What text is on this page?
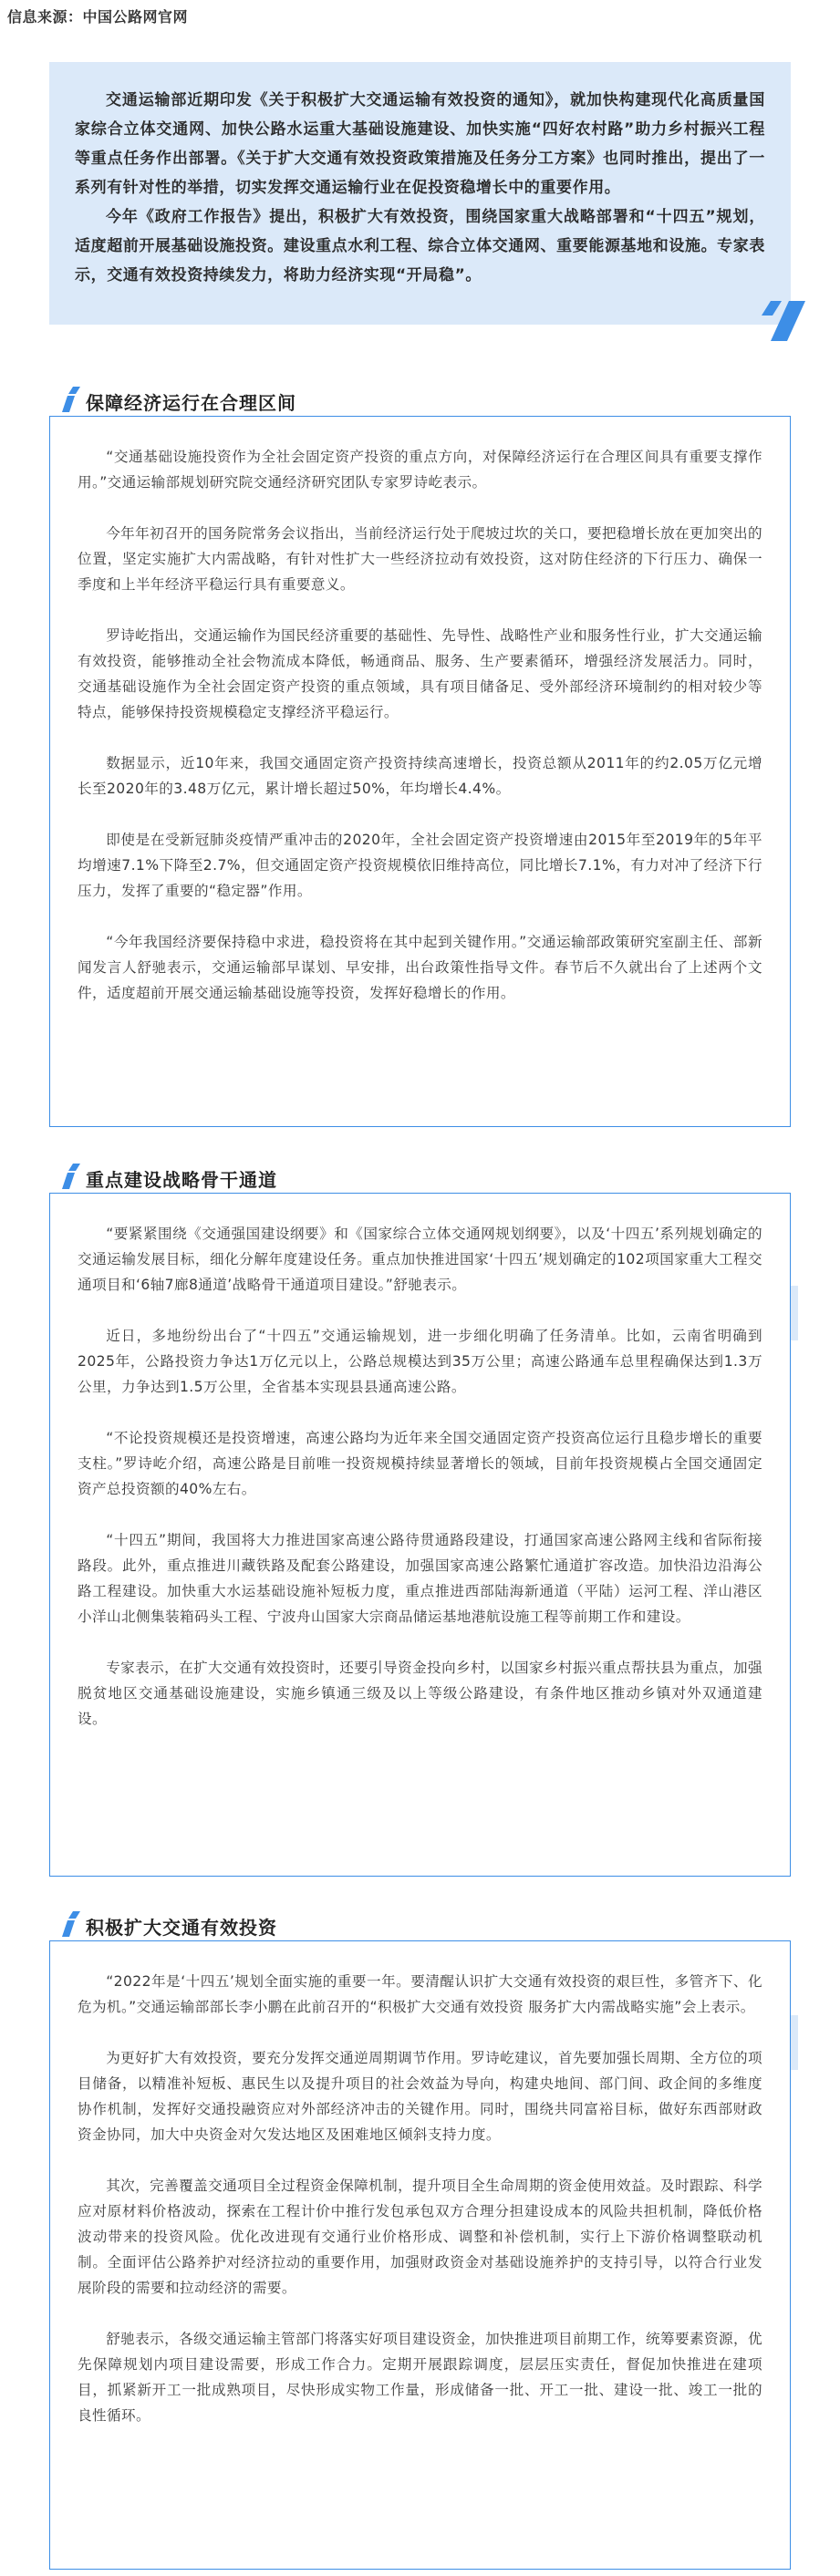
信息来源：中国公路网官网

交通运输部近期印发《关于积极扩大交通运输有效投资的通知》，就加快构建现代化高质量国家综合立体交通网、加快公路水运重大基础设施建设、加快实施“四好农村路”助力乡村振兴工程等重点任务作出部署。《关于扩大交通有效投资政策措施及任务分工方案》也同时推出，提出了一系列有针对性的举措，切实发挥交通运输行业在促投资稳增长中的重要作用。

今年《政府工作报告》提出，积极扩大有效投资，围绕国家重大战略部署和“十四五”规划，适度超前开展基础设施投资。建设重点水利工程、综合立体交通网、重要能源基地和设施。专家表示，交通有效投资持续发力，将助力经济实现“开局稳”。

保障经济运行在合理区间

“交通基础设施投资作为全社会固定资产投资的重点方向，对保障经济运行在合理区间具有重要支撑作用。”交通运输部规划研究院交通经济研究团队专家罗诗屹表示。

今年年初召开的国务院常务会议指出，当前经济运行处于爬坡过坎的关口，要把稳增长放在更加突出的位置，坚定实施扩大内需战略，有针对性扩大一些经济拉动有效投资，这对防住经济的下行压力、确保一季度和上半年经济平稳运行具有重要意义。

罗诗屹指出，交通运输作为国民经济重要的基础性、先导性、战略性产业和服务性行业，扩大交通运输有效投资，能够推动全社会物流成本降低，畅通商品、服务、生产要素循环，增强经济发展活力。同时，交通基础设施作为全社会固定资产投资的重点领域，具有项目储备足、受外部经济环境制约的相对较少等特点，能够保持投资规模稳定支撑经济平稳运行。

数据显示，近10年来，我国交通固定资产投资持续高速增长，投资总额从2011年的约2.05万亿元增长至2020年的3.48万亿元，累计增长超过50%，年均增长4.4%。

即使是在受新冠肺炎疫情严重冲击的2020年，全社会固定资产投资增速由2015年至2019年的5年平均增速7.1%下降至2.7%，但交通固定资产投资规模依旧维持高位，同比增长7.1%，有力对冲了经济下行压力，发挥了重要的“稳定器”作用。

“今年我国经济要保持稳中求进，稳投资将在其中起到关键作用。”交通运输部政策研究室副主任、部新闻发言人舒驰表示，交通运输部早谋划、早安排，出台政策性指导文件。春节后不久就出台了上述两个文件，适度超前开展交通运输基础设施等投资，发挥好稳增长的作用。

重点建设战略骨干通道

“要紧紧围绕《交通强国建设纲要》和《国家综合立体交通网规划纲要》，以及‘十四五’系列规划确定的交通运输发展目标，细化分解年度建设任务。重点加快推进国家‘十四五’规划确定的102项国家重大工程交通项目和‘6轴7廊8通道’战略骨干通道项目建设。”舒驰表示。

近日，多地纷纷出台了“十四五”交通运输规划，进一步细化明确了任务清单。比如，云南省明确到2025年，公路投资力争达1万亿元以上，公路总规模达到35万公里；高速公路通车总里程确保达到1.3万公里，力争达到1.5万公里，全省基本实现县县通高速公路。

“不论投资规模还是投资增速，高速公路均为近年来全国交通固定资产投资高位运行且稳步增长的重要支柱。”罗诗屹介绍，高速公路是目前唯一投资规模持续显著增长的领域，目前年投资规模占全国交通固定资产总投资额的40%左右。

“十四五”期间，我国将大力推进国家高速公路待贯通路段建设，打通国家高速公路网主线和省际衔接路段。此外，重点推进川藏铁路及配套公路建设，加强国家高速公路繁忙通道扩容改造。加快沿边沿海公路工程建设。加快重大水运基础设施补短板力度，重点推进西部陆海新通道（平陆）运河工程、洋山港区小洋山北侧集装箱码头工程、宁波舟山国家大宗商品储运基地港航设施工程等前期工作和建设。

专家表示，在扩大交通有效投资时，还要引导资金投向乡村，以国家乡村振兴重点帮扶县为重点，加强脱贫地区交通基础设施建设，实施乡镇通三级及以上等级公路建设，有条件地区推动乡镇对外双通道建设。

积极扩大交通有效投资

“2022年是‘十四五’规划全面实施的重要一年。要清醒认识扩大交通有效投资的艰巨性，多管齐下、化危为机。”交通运输部部长李小鹏在此前召开的“积极扩大交通有效投资 服务扩大内需战略实施”会上表示。

为更好扩大有效投资，要充分发挥交通逆周期调节作用。罗诗屹建议，首先要加强长周期、全方位的项目储备，以精准补短板、惠民生以及提升项目的社会效益为导向，构建央地间、部门间、政企间的多维度协作机制，发挥好交通投融资应对外部经济冲击的关键作用。同时，围绕共同富裕目标，做好东西部财政资金协同，加大中央资金对欠发达地区及困难地区倾斜支持力度。

其次，完善覆盖交通项目全过程资金保障机制，提升项目全生命周期的资金使用效益。及时跟踪、科学应对原材料价格波动，探索在工程计价中推行发包承包双方合理分担建设成本的风险共担机制，降低价格波动带来的投资风险。优化改进现有交通行业价格形成、调整和补偿机制，实行上下游价格调整联动机制。全面评估公路养护对经济拉动的重要作用，加强财政资金对基础设施养护的支持引导，以符合行业发展阶段的需要和拉动经济的需要。

舒驰表示，各级交通运输主管部门将落实好项目建设资金，加快推进项目前期工作，统筹要素资源，优先保障规划内项目建设需要，形成工作合力。定期开展跟踪调度，层层压实责任，督促加快推进在建项目，抓紧新开工一批成熟项目，尽快形成实物工作量，形成储备一批、开工一批、建设一批、竣工一批的良性循环。
